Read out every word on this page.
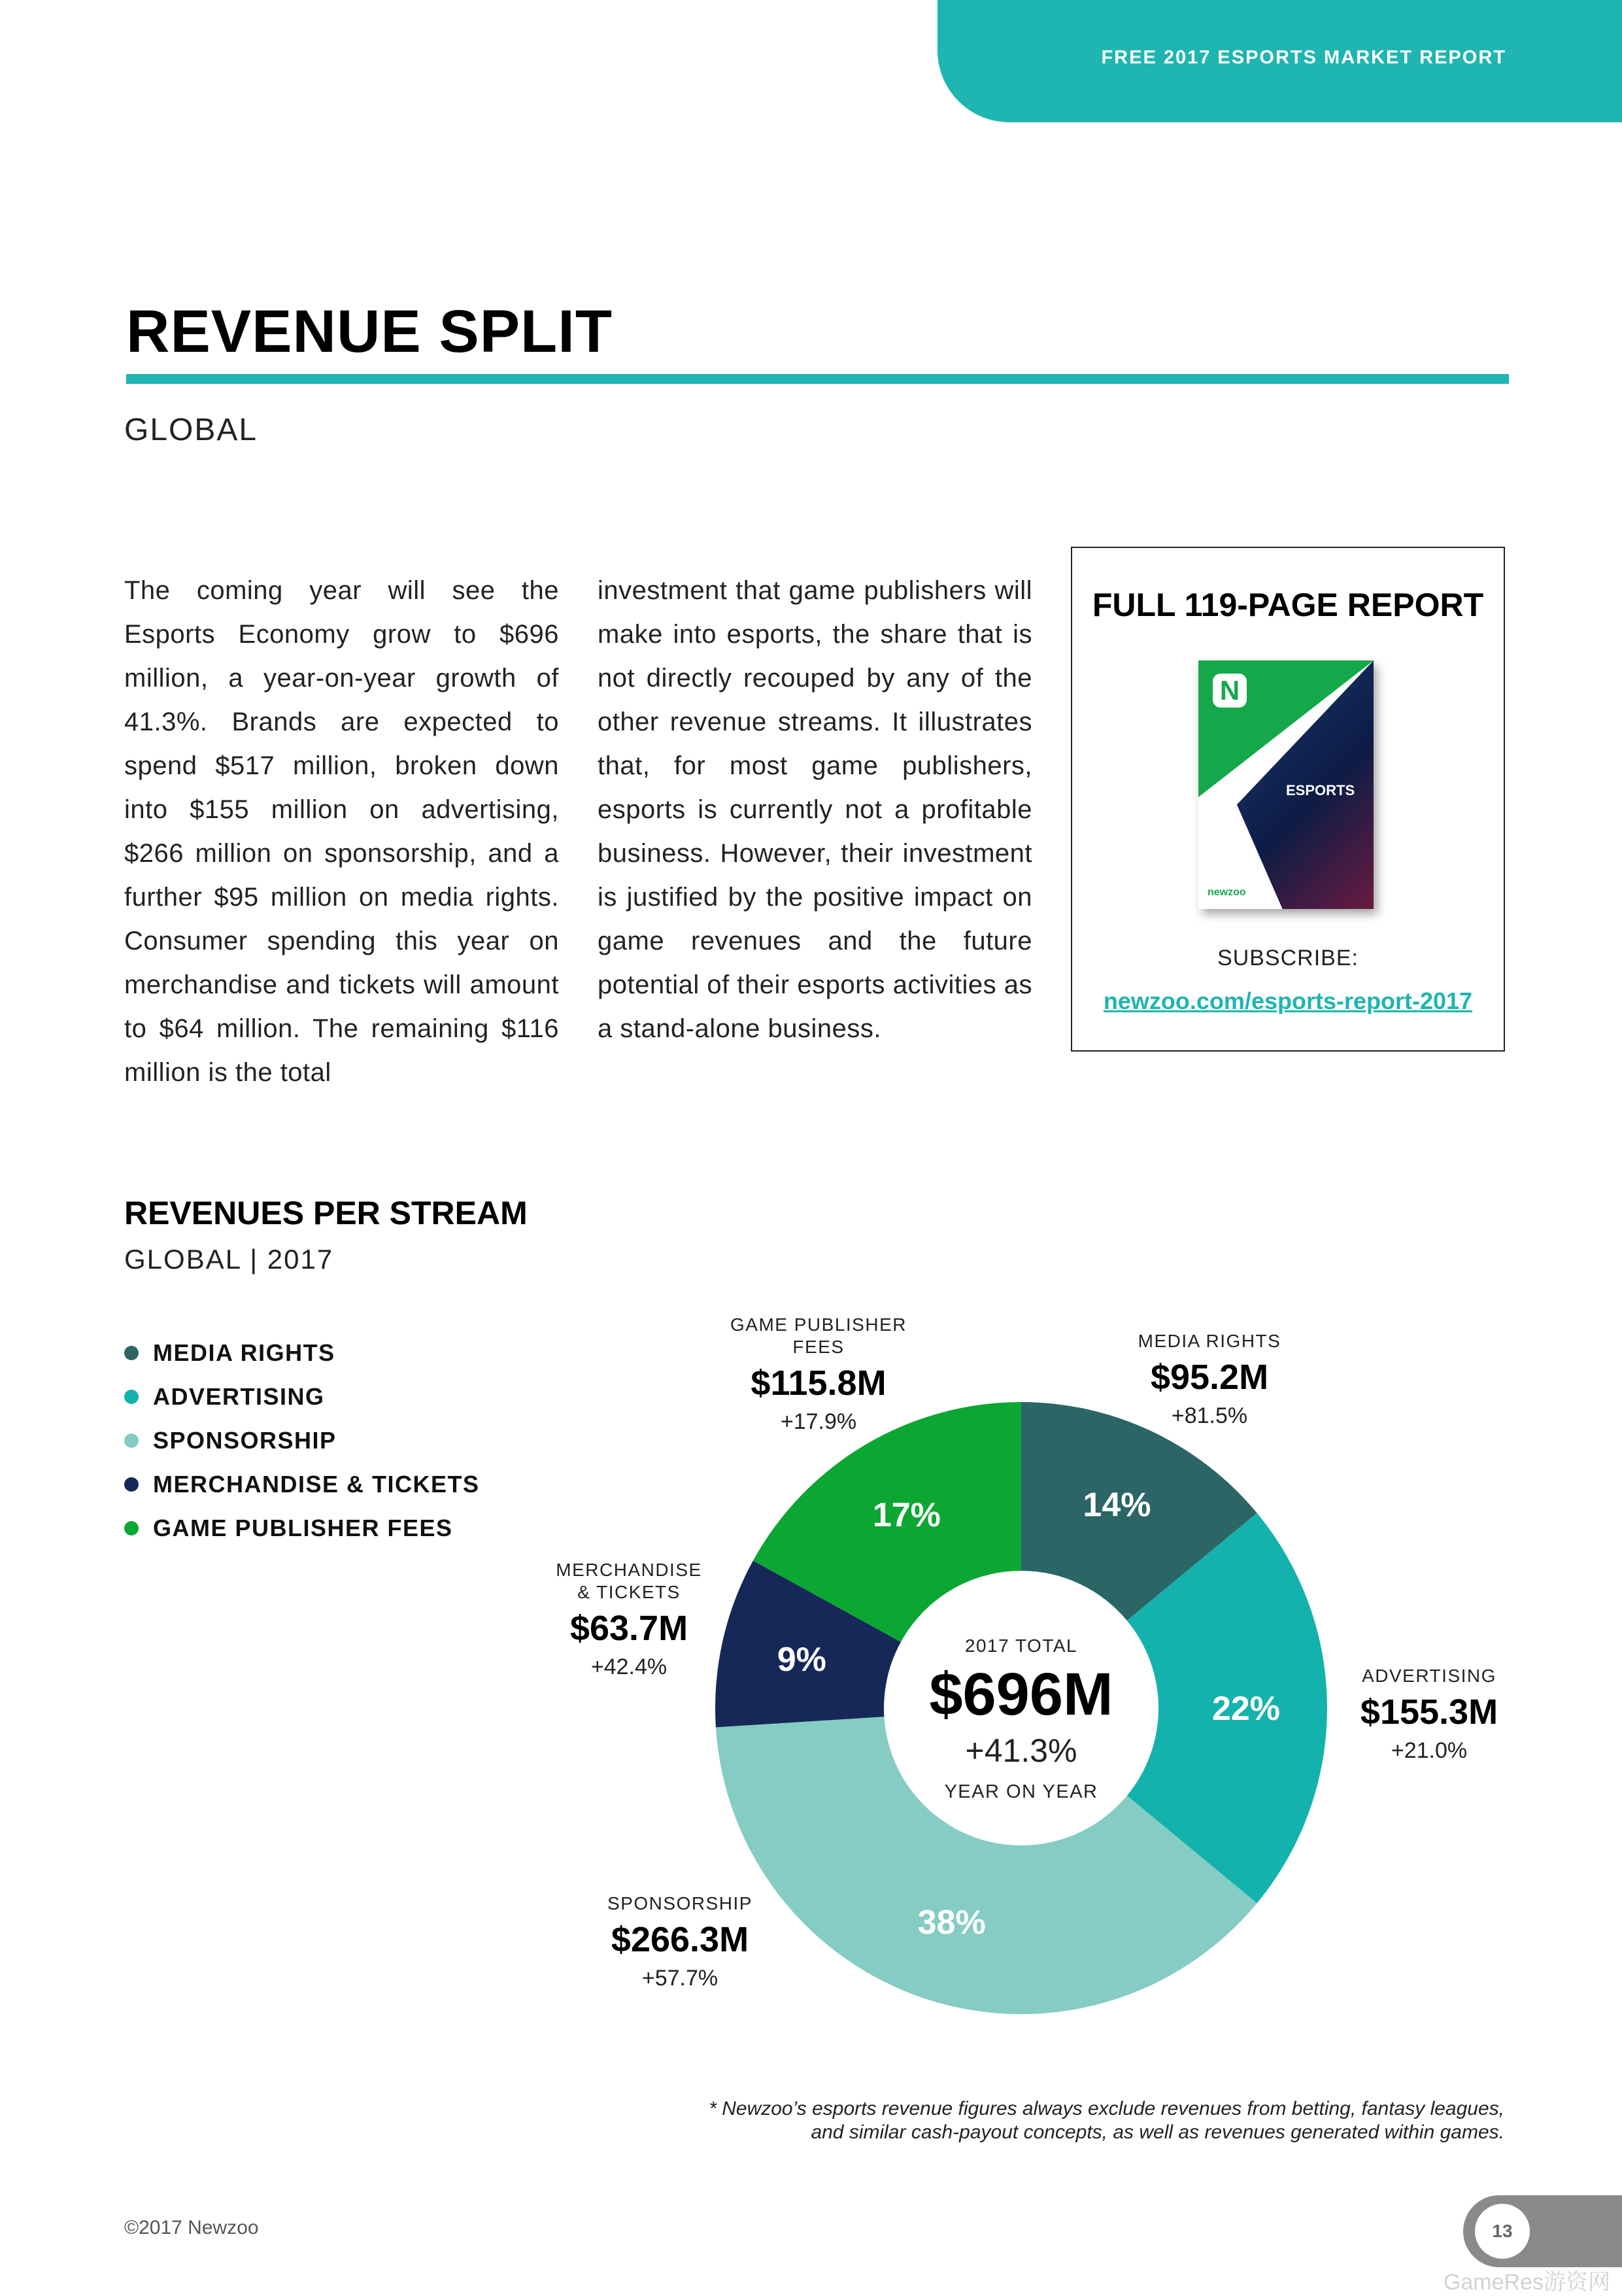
FREE 2017 ESPORTS MARKET REPORT
REVENUE SPLIT
GLOBAL

The coming year will see the Esports Economy grow to $696 million, a year-on-year growth of 41.3%. Brands are expected to spend $517 million, broken down into $155 million on advertising, $266 million on sponsorship, and a further $95 million on media rights. Consumer spending this year on merchandise and tickets will amount to $64 million. The remaining $116 million is the total

investment that game publishers will make into esports, the share that is not directly recouped by any of the other revenue streams. It illustrates that, for most game publishers, esports is currently not a profitable business. However, their investment is justified by the positive impact on game revenues and the future potential of their esports activities as a stand-alone business.

FULL 119-PAGE REPORT
N
ESPORTS
newzoo
SUBSCRIBE:
newzoo.com/esports-report-2017
REVENUES PER STREAM
GLOBAL | 2017
MEDIA RIGHTS
ADVERTISING
SPONSORSHIP
MERCHANDISE & TICKETS
GAME PUBLISHER FEES
14%
MEDIA RIGHTS
$95.2M
+81.5%
22%
ADVERTISING
$155.3M
+21.0%
38%
SPONSORSHIP
$266.3M
+57.7%
9%
MERCHANDISE
& TICKETS
$63.7M
+42.4%
17%
GAME PUBLISHER
FEES
$115.8M
+17.9%
2017 TOTAL
$696M
+41.3%
YEAR ON YEAR
* Newzoo’s esports revenue figures always exclude revenues from betting, fantasy leagues,
and similar cash-payout concepts, as well as revenues generated within games.
©2017 Newzoo	13
GameRes游资网
